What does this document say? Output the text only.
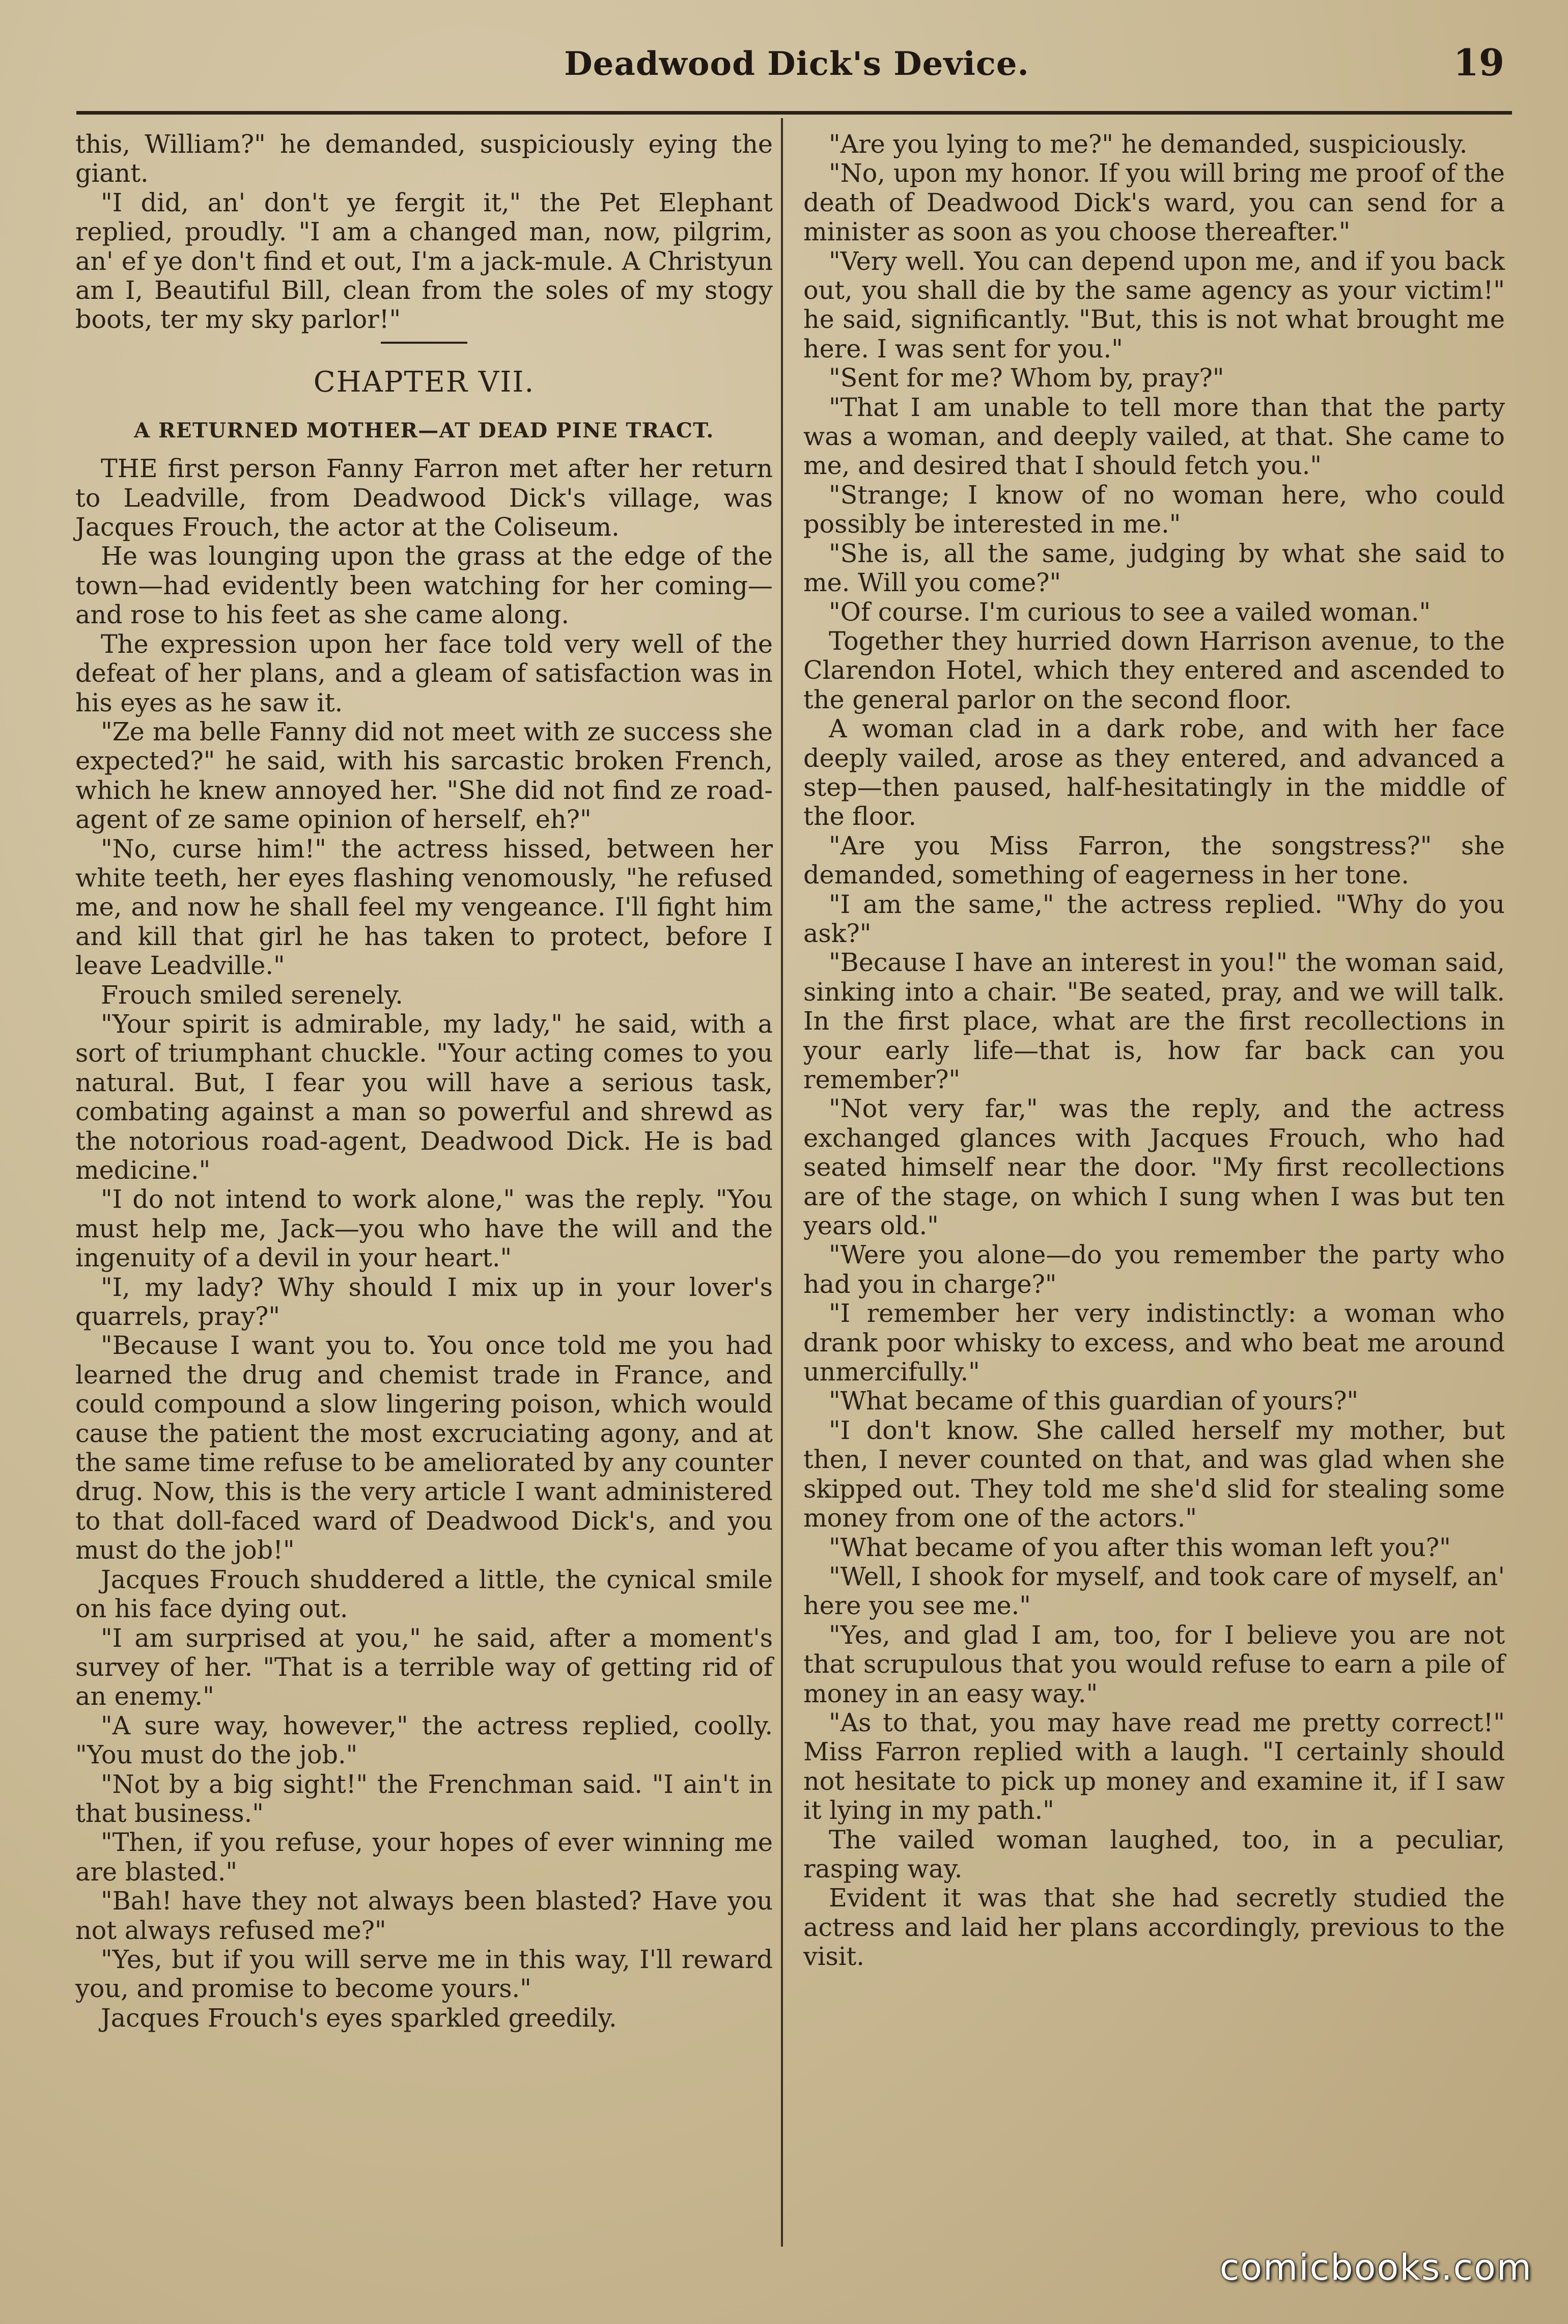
Deadwood Dick's Device.	19

this, William?" he demanded, suspiciously eying the giant.

"I did, an' don't ye fergit it," the Pet Elephant replied, proudly. "I am a changed man, now, pilgrim, an' ef ye don't find et out, I'm a jack-mule. A Christyun am I, Beautiful Bill, clean from the soles of my stogy boots, ter my sky parlor!"

CHAPTER VII.
A RETURNED MOTHER—AT DEAD PINE TRACT.

THE first person Fanny Farron met after her return to Leadville, from Deadwood Dick's village, was Jacques Frouch, the actor at the Coliseum.

He was lounging upon the grass at the edge of the town—had evidently been watching for her coming—and rose to his feet as she came along.

The expression upon her face told very well of the defeat of her plans, and a gleam of satisfaction was in his eyes as he saw it.

"Ze ma belle Fanny did not meet with ze success she expected?" he said, with his sarcastic broken French, which he knew annoyed her. "She did not find ze road-agent of ze same opinion of herself, eh?"

"No, curse him!" the actress hissed, between her white teeth, her eyes flashing venomously, "he refused me, and now he shall feel my vengeance. I'll fight him and kill that girl he has taken to protect, before I leave Leadville."

Frouch smiled serenely.

"Your spirit is admirable, my lady," he said, with a sort of triumphant chuckle. "Your acting comes to you natural. But, I fear you will have a serious task, combating against a man so powerful and shrewd as the notorious road-agent, Deadwood Dick. He is bad medicine."

"I do not intend to work alone," was the reply. "You must help me, Jack—you who have the will and the ingenuity of a devil in your heart."

"I, my lady? Why should I mix up in your lover's quarrels, pray?"

"Because I want you to. You once told me you had learned the drug and chemist trade in France, and could compound a slow lingering poison, which would cause the patient the most excruciating agony, and at the same time refuse to be ameliorated by any counter drug. Now, this is the very article I want administered to that doll-faced ward of Deadwood Dick's, and you must do the job!"

Jacques Frouch shuddered a little, the cynical smile on his face dying out.

"I am surprised at you," he said, after a moment's survey of her. "That is a terrible way of getting rid of an enemy."

"A sure way, however," the actress replied, coolly. "You must do the job."

"Not by a big sight!" the Frenchman said. "I ain't in that business."

"Then, if you refuse, your hopes of ever winning me are blasted."

"Bah! have they not always been blasted? Have you not always refused me?"

"Yes, but if you will serve me in this way, I'll reward you, and promise to become yours."

Jacques Frouch's eyes sparkled greedily.

"Are you lying to me?" he demanded, suspiciously.

"No, upon my honor. If you will bring me proof of the death of Deadwood Dick's ward, you can send for a minister as soon as you choose thereafter."

"Very well. You can depend upon me, and if you back out, you shall die by the same agency as your victim!" he said, significantly. "But, this is not what brought me here. I was sent for you."

"Sent for me? Whom by, pray?"

"That I am unable to tell more than that the party was a woman, and deeply vailed, at that. She came to me, and desired that I should fetch you."

"Strange; I know of no woman here, who could possibly be interested in me."

"She is, all the same, judging by what she said to me. Will you come?"

"Of course. I'm curious to see a vailed woman."

Together they hurried down Harrison avenue, to the Clarendon Hotel, which they entered and ascended to the general parlor on the second floor.

A woman clad in a dark robe, and with her face deeply vailed, arose as they entered, and advanced a step—then paused, half-hesitatingly in the middle of the floor.

"Are you Miss Farron, the songstress?" she demanded, something of eagerness in her tone.

"I am the same," the actress replied. "Why do you ask?"

"Because I have an interest in you!" the woman said, sinking into a chair. "Be seated, pray, and we will talk. In the first place, what are the first recollections in your early life—that is, how far back can you remember?"

"Not very far," was the reply, and the actress exchanged glances with Jacques Frouch, who had seated himself near the door. "My first recollections are of the stage, on which I sung when I was but ten years old."

"Were you alone—do you remember the party who had you in charge?"

"I remember her very indistinctly: a woman who drank poor whisky to excess, and who beat me around unmercifully."

"What became of this guardian of yours?"

"I don't know. She called herself my mother, but then, I never counted on that, and was glad when she skipped out. They told me she'd slid for stealing some money from one of the actors."

"What became of you after this woman left you?"

"Well, I shook for myself, and took care of myself, an' here you see me."

"Yes, and glad I am, too, for I believe you are not that scrupulous that you would refuse to earn a pile of money in an easy way."

"As to that, you may have read me pretty correct!" Miss Farron replied with a laugh. "I certainly should not hesitate to pick up money and examine it, if I saw it lying in my path."

The vailed woman laughed, too, in a peculiar, rasping way.

Evident it was that she had secretly studied the actress and laid her plans accordingly, previous to the visit.

comicbooks.com
